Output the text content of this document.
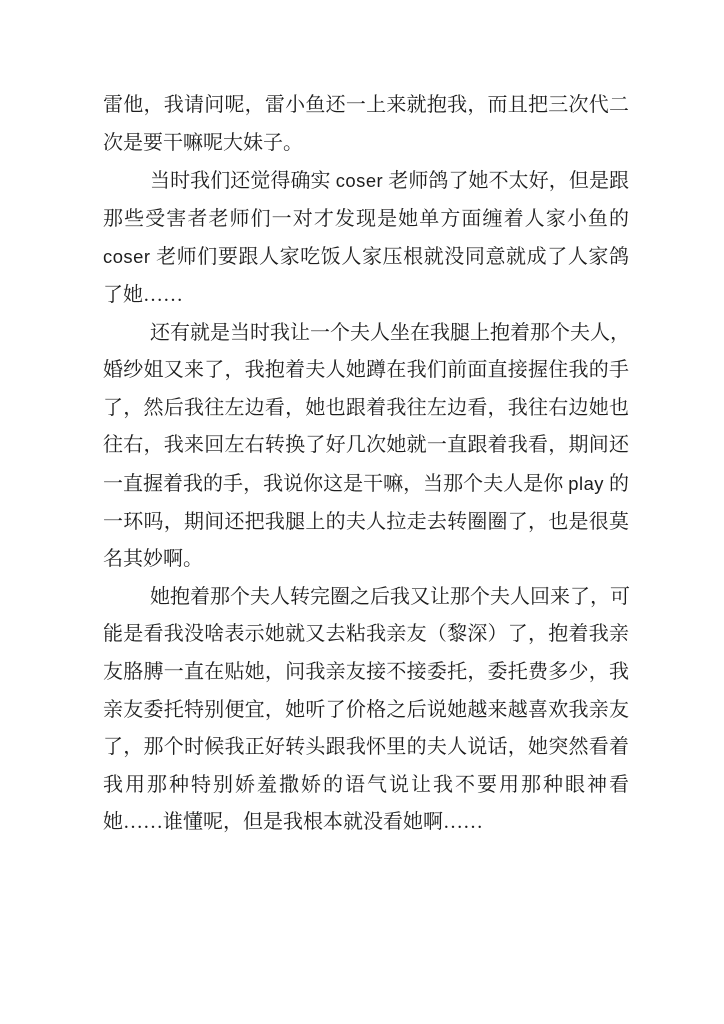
雷他，我请问呢，雷小鱼还一上来就抱我，而且把三次代二
次是要干嘛呢大妹子。
当时我们还觉得确实 coser 老师鸽了她不太好，但是跟
那些受害者老师们一对才发现是她单方面缠着人家小鱼的
coser 老师们要跟人家吃饭人家压根就没同意就成了人家鸽
了她……
还有就是当时我让一个夫人坐在我腿上抱着那个夫人，
婚纱姐又来了，我抱着夫人她蹲在我们前面直接握住我的手
了，然后我往左边看，她也跟着我往左边看，我往右边她也
往右，我来回左右转换了好几次她就一直跟着我看，期间还
一直握着我的手，我说你这是干嘛，当那个夫人是你 play 的
一环吗，期间还把我腿上的夫人拉走去转圈圈了，也是很莫
名其妙啊。
她抱着那个夫人转完圈之后我又让那个夫人回来了，可
能是看我没啥表示她就又去粘我亲友（黎深）了，抱着我亲
友胳膊一直在贴她，问我亲友接不接委托，委托费多少，我
亲友委托特别便宜，她听了价格之后说她越来越喜欢我亲友
了，那个时候我正好转头跟我怀里的夫人说话，她突然看着
我用那种特别娇羞撒娇的语气说让我不要用那种眼神看
她……谁懂呢，但是我根本就没看她啊……
